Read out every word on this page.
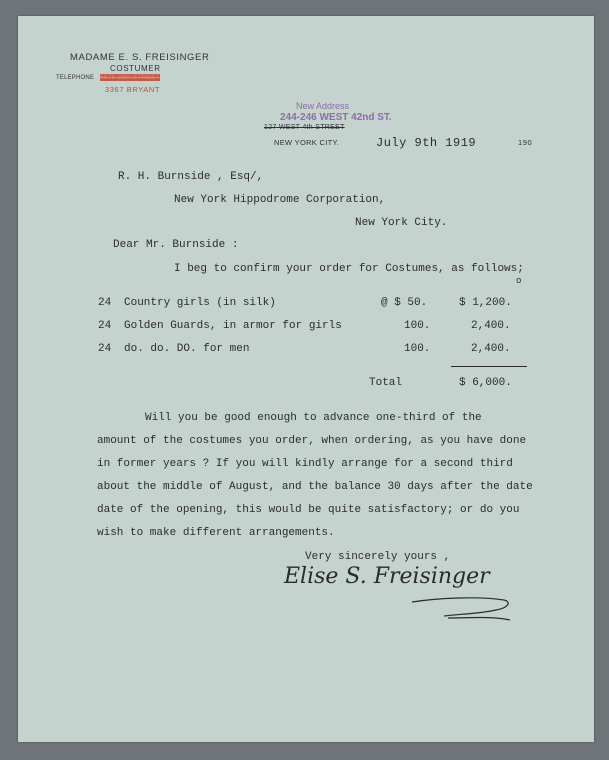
MADAME E. S. FREISINGER
COSTUMER
TELEPHONE 6675-38th STREET
3367 BRYANT
New Address
244-246 WEST 42nd ST.
127 WEST 4th STREET
NEW YORK CITY.	July 9th 1919	190
R. H. Burnside , Esq/,
New York Hippodrome Corporation,
New York City.
Dear Mr. Burnside :
I beg to confirm your order for Costumes, as follows;
o
24 Country girls (in silk)	@ $ 50.	$ 1,200.
24 Golden Guards, in armor for girls	100.	2,400.
24 do. do. DO. for men	100.	2,400.
Total	$ 6,000.
Will you be good enough to advance one-third of the
amount of the costumes you order, when ordering, as you have done
in former years ? If you will kindly arrange for a second third
about the middle of August, and the balance 30 days after the date
date of the opening, this would be quite satisfactory; or do you
wish to make different arrangements.
Very sincerely yours ,
Elise S. Freisinger
